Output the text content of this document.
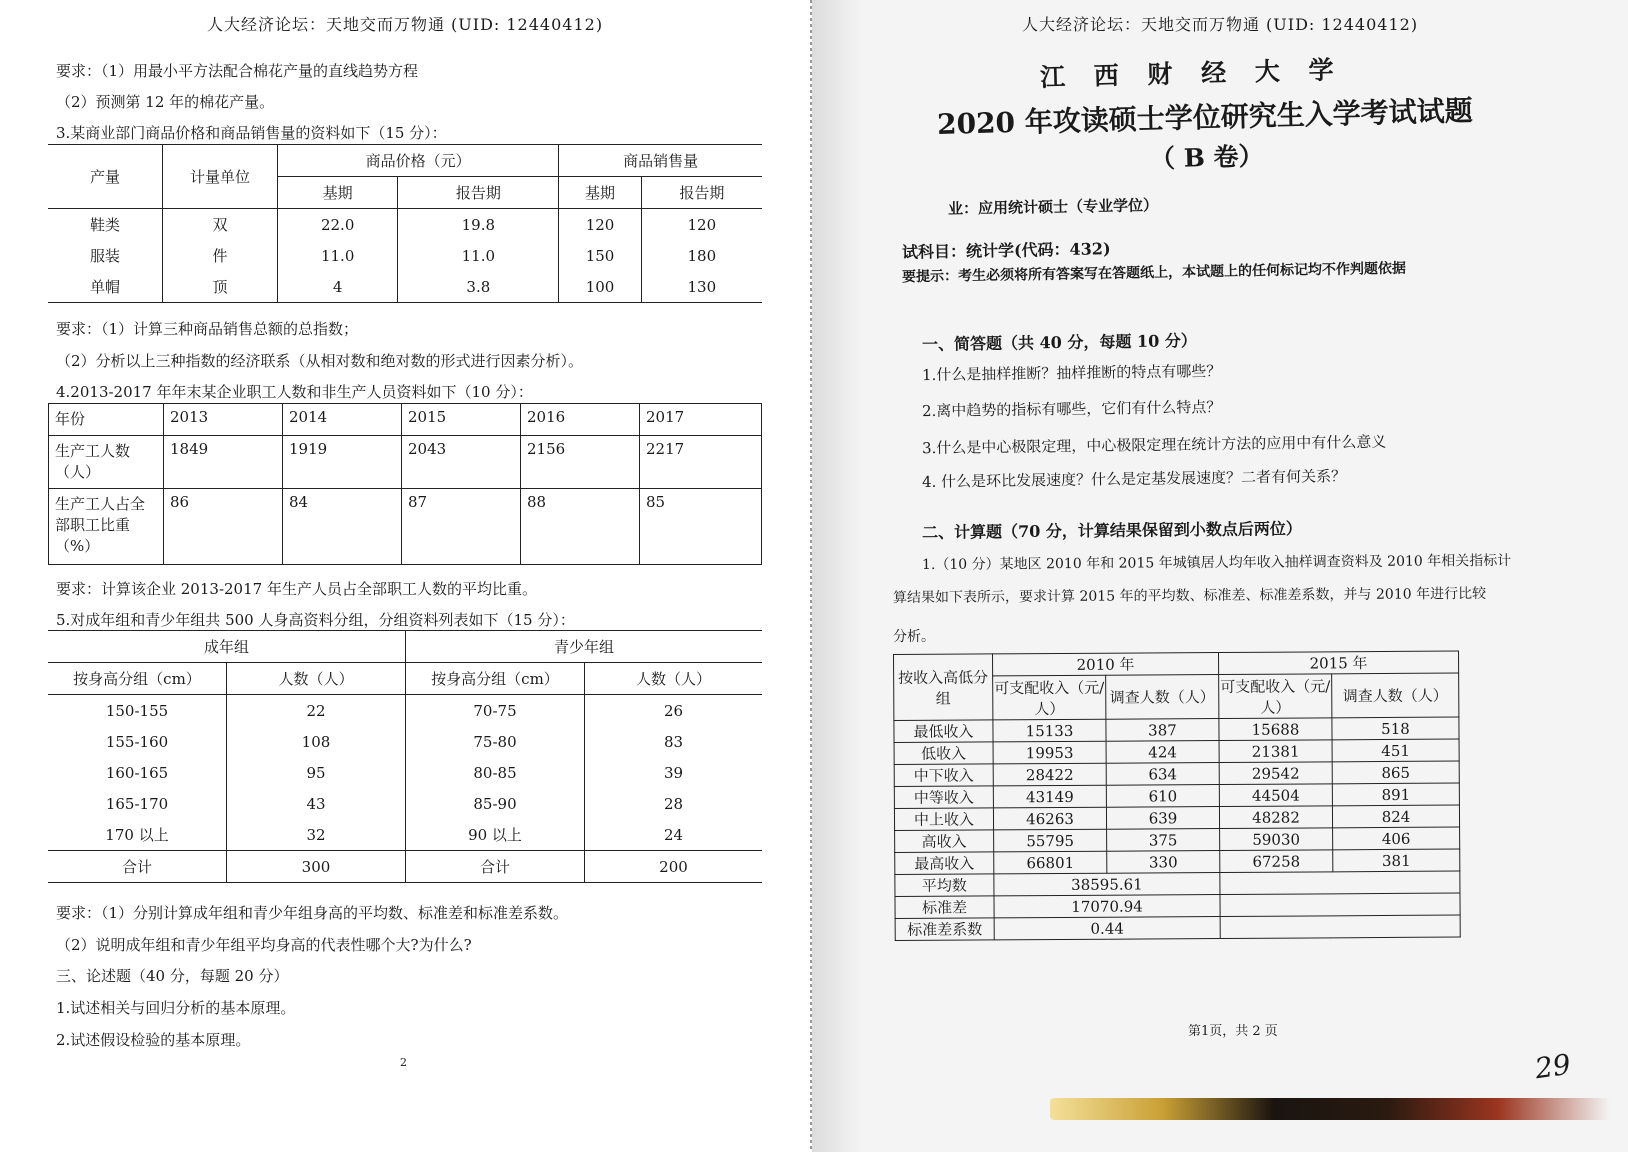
人大经济论坛：天地交而万物通 (UID: 12440412)
要求：（1）用最小平方法配合棉花产量的直线趋势方程
（2）预测第 12 年的棉花产量。
3.某商业部门商品价格和商品销售量的资料如下（15 分）：
产量	计量单位	商品价格（元）		商品销售量	
		基期	报告期	基期	报告期
鞋类	双	22.0	19.8	120	120
服装	件	11.0	11.0	150	180
单帽	顶	4	3.8	100	130
要求：（1）计算三种商品销售总额的总指数；
（2）分析以上三种指数的经济联系（从相对数和绝对数的形式进行因素分析）。
4.2013-2017 年年末某企业职工人数和非生产人员资料如下（10 分）：
年份	2013	2014	2015	2016	2017
生产工人数（人）	1849	1919	2043	2156	2217
生产工人占全部职工比重（%）	86	84	87	88	85
要求：计算该企业 2013-2017 年生产人员占全部职工人数的平均比重。
5.对成年组和青少年组共 500 人身高资料分组，分组资料列表如下（15 分）：
成年组		青少年组	
按身高分组（cm）	人数（人）	按身高分组（cm）	人数（人）
150-155	22	70-75	26
155-160	108	75-80	83
160-165	95	80-85	39
165-170	43	85-90	28
170 以上	32	90 以上	24
合计	300	合计	200
要求：（1）分别计算成年组和青少年组身高的平均数、标准差和标准差系数。
（2）说明成年组和青少年组平均身高的代表性哪个大?为什么?
三、论述题（40 分，每题 20 分）
1.试述相关与回归分析的基本原理。
2.试述假设检验的基本原理。
2
人大经济论坛：天地交而万物通 (UID: 12440412)
江 西 财 经 大 学
2020 年攻读硕士学位研究生入学考试试题
（ B 卷）
业：应用统计硕士（专业学位）
试科目：统计学(代码：432)
要提示：考生必须将所有答案写在答题纸上，本试题上的任何标记均不作判题依据
一、简答题（共 40 分，每题 10 分）
1.什么是抽样推断？抽样推断的特点有哪些？
2.离中趋势的指标有哪些，它们有什么特点？
3.什么是中心极限定理，中心极限定理在统计方法的应用中有什么意义
4. 什么是环比发展速度？什么是定基发展速度？二者有何关系？
二、计算题（70 分，计算结果保留到小数点后两位）
1.（10 分）某地区 2010 年和 2015 年城镇居人均年收入抽样调查资料及 2010 年相关指标计
算结果如下表所示，要求计算 2015 年的平均数、标准差、标准差系数，并与 2010 年进行比较
分析。
按收入高低分组	2010 年		2015 年	
	可支配收入（元/人）	调查人数（人）	可支配收入（元/人）	调查人数（人）
最低收入	15133	387	15688	518
低收入	19953	424	21381	451
中下收入	28422	634	29542	865
中等收入	43149	610	44504	891
中上收入	46263	639	48282	824
高收入	55795	375	59030	406
最高收入	66801	330	67258	381
平均数	38595.61			
标准差	17070.94			
标准差系数	0.44			
第1页，共 2 页
29
